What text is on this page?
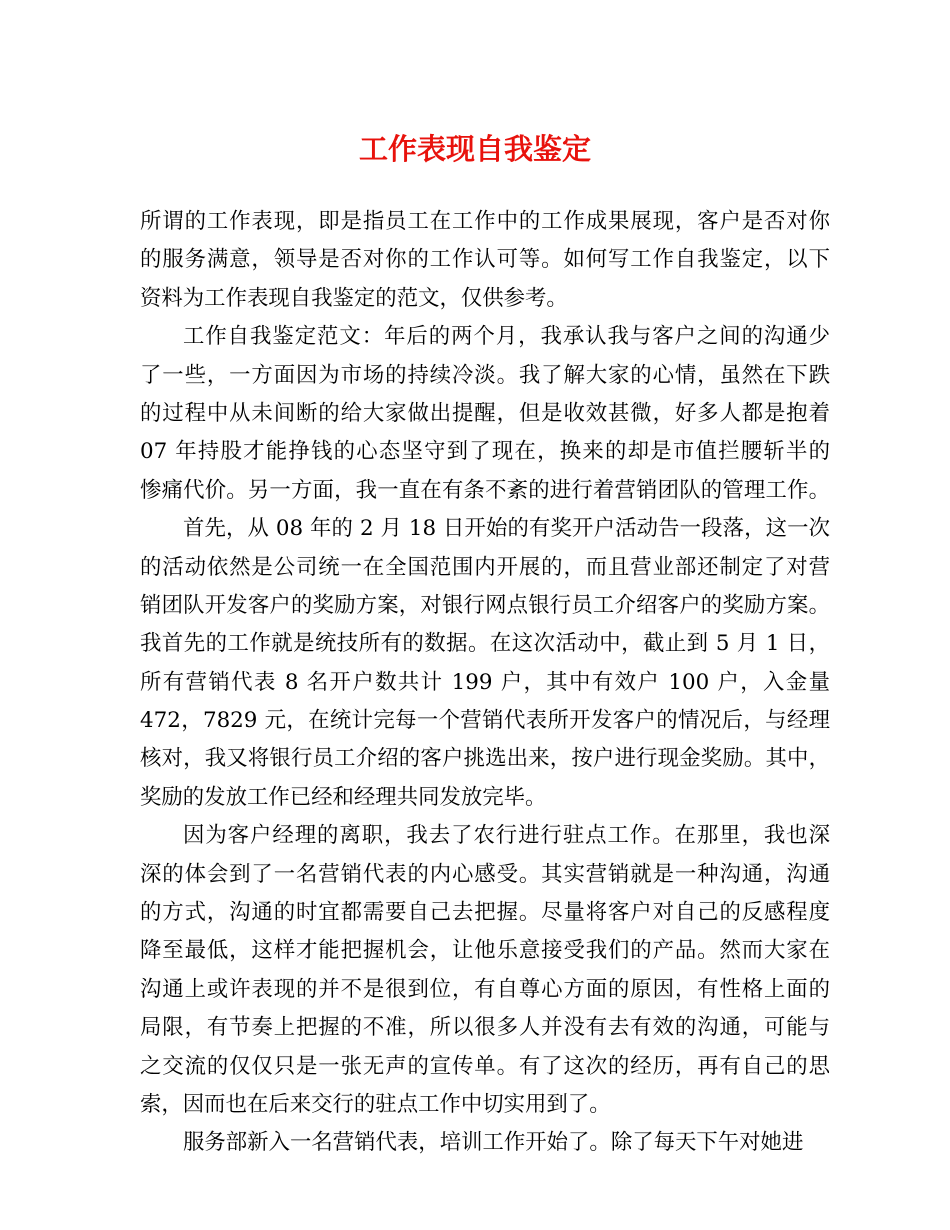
工作表现自我鉴定
所谓的工作表现，即是指员工在工作中的工作成果展现，客户是否对你
的服务满意，领导是否对你的工作认可等。如何写工作自我鉴定，以下
资料为工作表现自我鉴定的范文，仅供参考。
工作自我鉴定范文：年后的两个月，我承认我与客户之间的沟通少
了一些，一方面因为市场的持续冷淡。我了解大家的心情，虽然在下跌
的过程中从未间断的给大家做出提醒，但是收效甚微，好多人都是抱着
07 年持股才能挣钱的心态坚守到了现在，换来的却是市值拦腰斩半的
惨痛代价。另一方面，我一直在有条不紊的进行着营销团队的管理工作。
首先，从 08 年的 2 月 18 日开始的有奖开户活动告一段落，这一次
的活动依然是公司统一在全国范围内开展的，而且营业部还制定了对营
销团队开发客户的奖励方案，对银行网点银行员工介绍客户的奖励方案。
我首先的工作就是统技所有的数据。在这次活动中，截止到 5 月 1 日，
所有营销代表 8 名开户数共计 199 户，其中有效户 100 户，入金量
472，7829 元，在统计完每一个营销代表所开发客户的情况后，与经理
核对，我又将银行员工介绍的客户挑选出来，按户进行现金奖励。其中，
奖励的发放工作已经和经理共同发放完毕。
因为客户经理的离职，我去了农行进行驻点工作。在那里，我也深
深的体会到了一名营销代表的内心感受。其实营销就是一种沟通，沟通
的方式，沟通的时宜都需要自己去把握。尽量将客户对自己的反感程度
降至最低，这样才能把握机会，让他乐意接受我们的产品。然而大家在
沟通上或许表现的并不是很到位，有自尊心方面的原因，有性格上面的
局限，有节奏上把握的不准，所以很多人并没有去有效的沟通，可能与
之交流的仅仅只是一张无声的宣传单。有了这次的经历，再有自己的思
索，因而也在后来交行的驻点工作中切实用到了。
服务部新入一名营销代表，培训工作开始了。除了每天下午对她进
